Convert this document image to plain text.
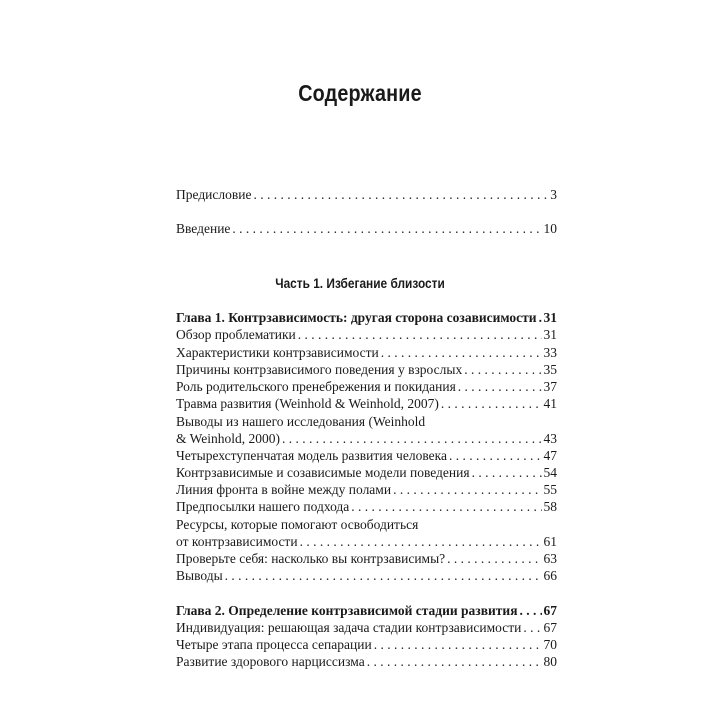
Содержание
Предисловие . . .	3
Введение . . .	10
Глава 1. Контрзависимость: другая сторона созависимости . . . 31
Обзор проблематики . . .	31
Характеристики контрзависимости . . .	33
Причины контрзависимого поведения у взрослых . . .	35
Роль родительского пренебрежения и покидания . . .	37
Травма развития (Weinhold & Weinhold, 2007) . . .	41
Выводы из нашего исследования (Weinhold
& Weinhold, 2000) . . .	43
Четырехступенчатая модель развития человека . . .	47
Контрзависимые и созависимые модели поведения . . .	54
Линия фронта в войне между полами . . .	55
Предпосылки нашего подхода . . .	58
Ресурсы, которые помогают освободиться
от контрзависимости . . .	61
Проверьте себя: насколько вы контрзависимы? . . .	63
Выводы . . .	66
Глава 2. Определение контрзависимой стадии развития . . . 67
Индивидуация: решающая задача стадии контрзависимости . . . 67
Четыре этапа процесса сепарации . . .	70
Развитие здорового нарциссизма . . .	80
Часть 1. Избегание близости
